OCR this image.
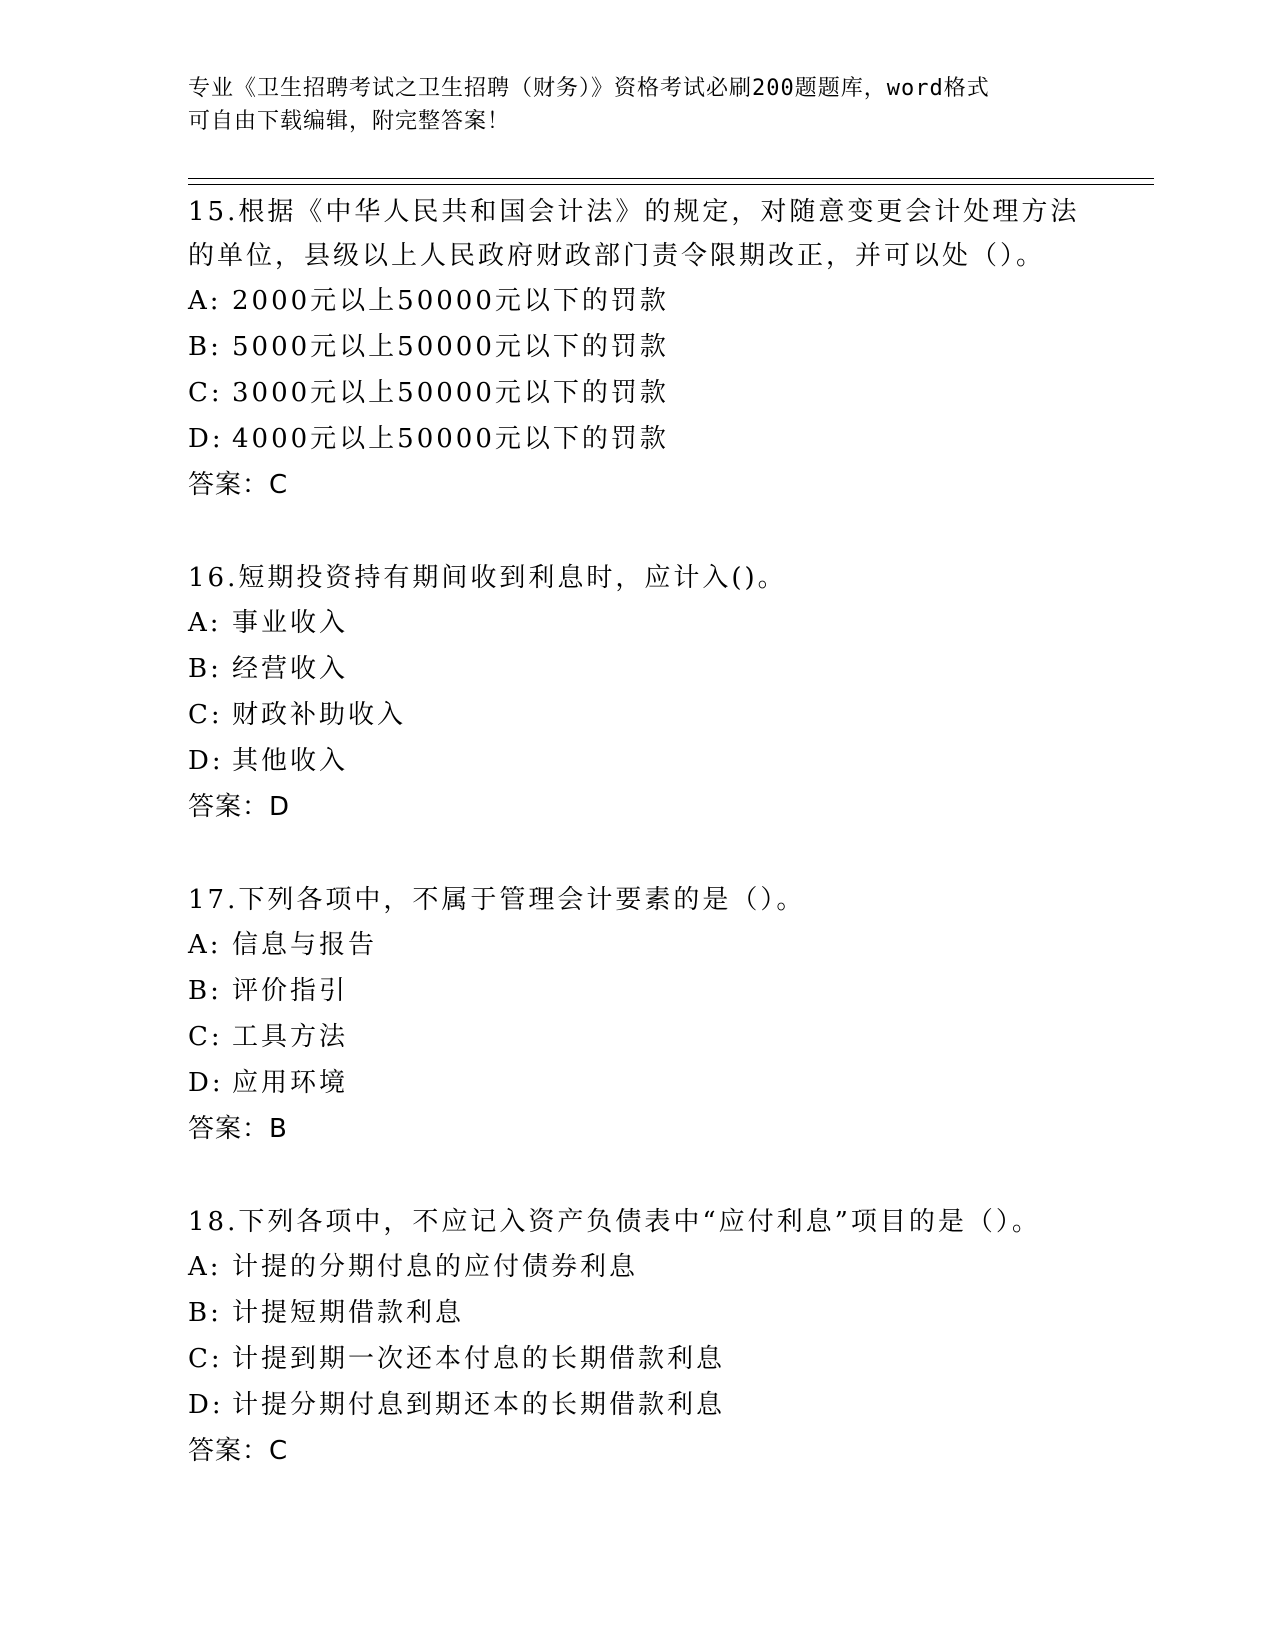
专业《卫生招聘考试之卫生招聘（财务）》资格考试必刷200题题库，word格式
可自由下载编辑，附完整答案！
15.根据《中华人民共和国会计法》的规定，对随意变更会计处理方法
的单位，县级以上人民政府财政部门责令限期改正，并可以处（）。
A: 2000元以上50000元以下的罚款
B: 5000元以上50000元以下的罚款
C: 3000元以上50000元以下的罚款
D: 4000元以上50000元以下的罚款
答案：C
16.短期投资持有期间收到利息时，应计入()。
A: 事业收入
B: 经营收入
C: 财政补助收入
D: 其他收入
答案：D
17.下列各项中，不属于管理会计要素的是（）。
A: 信息与报告
B: 评价指引
C: 工具方法
D: 应用环境
答案：B
18.下列各项中，不应记入资产负债表中“应付利息”项目的是（）。
A: 计提的分期付息的应付债券利息
B: 计提短期借款利息
C: 计提到期一次还本付息的长期借款利息
D: 计提分期付息到期还本的长期借款利息
答案：C
